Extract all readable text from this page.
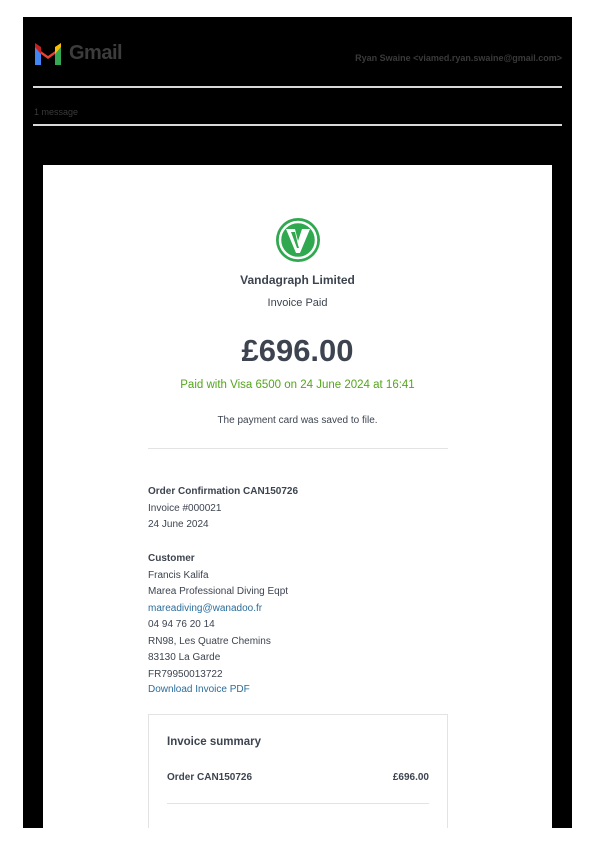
Gmail	Ryan Swaine <viamed.ryan.swaine@gmail.com>
1 message
Vandagraph Limited
Invoice Paid
£696.00
Paid with Visa 6500 on 24 June 2024 at 16:41
The payment card was saved to file.
Order Confirmation CAN150726
Invoice #000021
24 June 2024
Customer
Francis Kalifa
Marea Professional Diving Eqpt
mareadiving@wanadoo.fr
04 94 76 20 14
RN98, Les Quatre Chemins
83130 La Garde
FR79950013722
Download Invoice PDF
Invoice summary
Order CAN150726	£696.00
